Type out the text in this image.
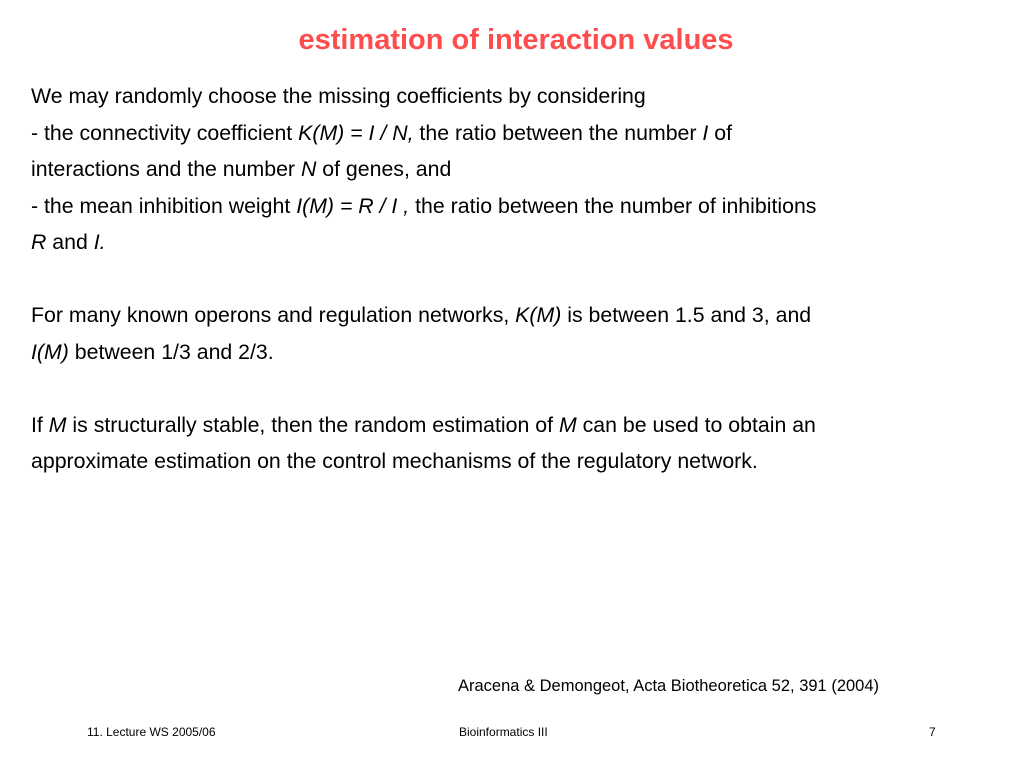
estimation of interaction values
We may randomly choose the missing coefficients by considering
- the connectivity coefficient K(M) = I / N, the ratio between the number I of
interactions and the number N of genes, and
- the mean inhibition weight I(M) = R / I , the ratio between the number of inhibitions
R and I.
For many known operons and regulation networks, K(M) is between 1.5 and 3, and
I(M) between 1/3 and 2/3.
If M is structurally stable, then the random estimation of M can be used to obtain an
approximate estimation on the control mechanisms of the regulatory network.
Aracena & Demongeot, Acta Biotheoretica 52, 391 (2004)
11. Lecture WS 2005/06	Bioinformatics III	7
